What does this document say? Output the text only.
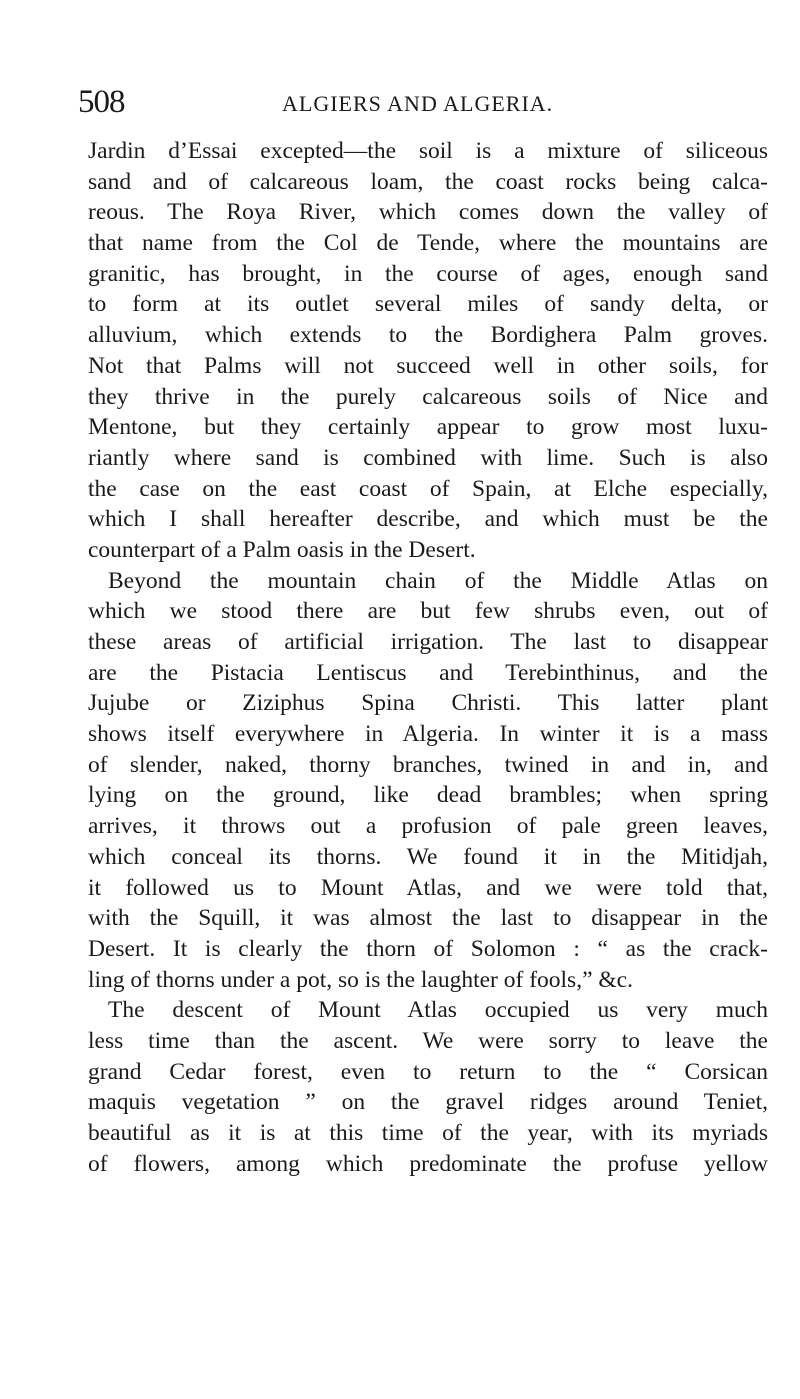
508	ALGIERS AND ALGERIA.
Jardin d’Essai excepted—the soil is a mixture of siliceous
sand and of calcareous loam, the coast rocks being calca-
reous. The Roya River, which comes down the valley of
that name from the Col de Tende, where the mountains are
granitic, has brought, in the course of ages, enough sand
to form at its outlet several miles of sandy delta, or
alluvium, which extends to the Bordighera Palm groves.
Not that Palms will not succeed well in other soils, for
they thrive in the purely calcareous soils of Nice and
Mentone, but they certainly appear to grow most luxu-
riantly where sand is combined with lime. Such is also
the case on the east coast of Spain, at Elche especially,
which I shall hereafter describe, and which must be the
counterpart of a Palm oasis in the Desert.
Beyond the mountain chain of the Middle Atlas on
which we stood there are but few shrubs even, out of
these areas of artificial irrigation. The last to disappear
are the Pistacia Lentiscus and Terebinthinus, and the
Jujube or Ziziphus Spina Christi. This latter plant
shows itself everywhere in Algeria. In winter it is a mass
of slender, naked, thorny branches, twined in and in, and
lying on the ground, like dead brambles; when spring
arrives, it throws out a profusion of pale green leaves,
which conceal its thorns. We found it in the Mitidjah,
it followed us to Mount Atlas, and we were told that,
with the Squill, it was almost the last to disappear in the
Desert. It is clearly the thorn of Solomon : “ as the crack-
ling of thorns under a pot, so is the laughter of fools,” &c.
The descent of Mount Atlas occupied us very much
less time than the ascent. We were sorry to leave the
grand Cedar forest, even to return to the “ Corsican
maquis vegetation ” on the gravel ridges around Teniet,
beautiful as it is at this time of the year, with its myriads
of flowers, among which predominate the profuse yellow
